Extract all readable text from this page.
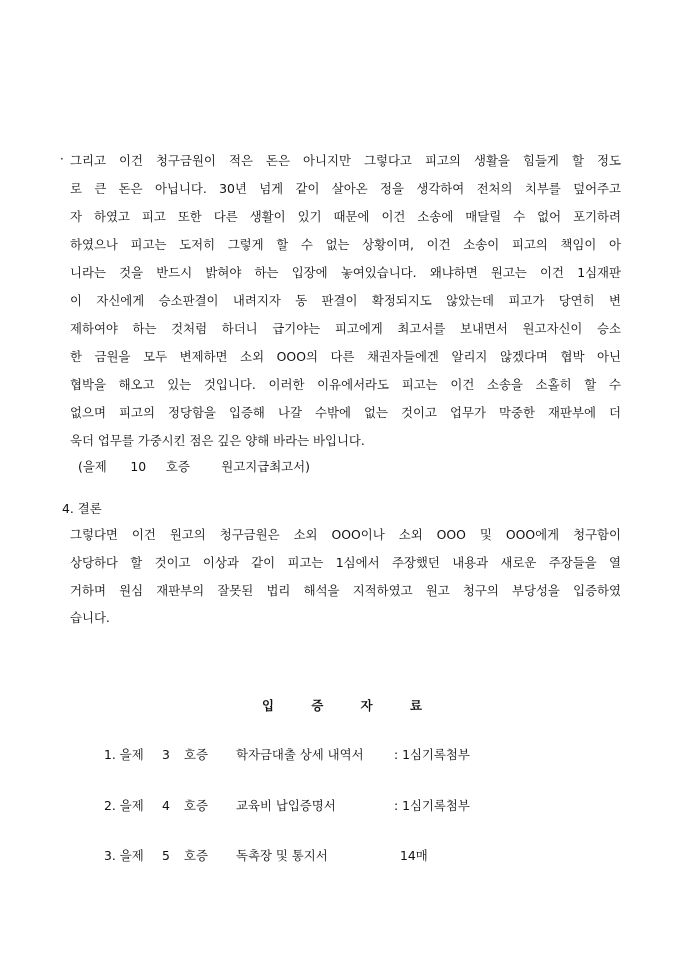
· 그리고 이건 청구금원이 적은 돈은 아니지만 그렇다고 피고의 생활을 힘들게 할 정도
로 큰 돈은 아닙니다. 30년 넘게 같이 살아온 정을 생각하여 전처의 치부를 덮어주고
자 하였고 피고 또한 다른 생활이 있기 때문에 이건 소송에 매달릴 수 없어 포기하려
하였으나 피고는 도저히 그렇게 할 수 없는 상황이며, 이건 소송이 피고의 책임이 아
니라는 것을 반드시 밝혀야 하는 입장에 놓여있습니다. 왜냐하면 원고는 이건 1심재판
이 자신에게 승소판결이 내려지자 동 판결이 확정되지도 않았는데 피고가 당연히 변
제하여야 하는 것처럼 하더니 급기야는 피고에게 최고서를 보내면서 원고자신이 승소
한 금원을 모두 변제하면 소외 OOO의 다른 채권자들에겐 알리지 않겠다며 협박 아닌
협박을 해오고 있는 것입니다. 이러한 이유에서라도 피고는 이건 소송을 소홀히 할 수
없으며 피고의 정당함을 입증해 나갈 수밖에 없는 것이고 업무가 막중한 재판부에 더
욱더 업무를 가중시킨 점은 깊은 양해 바라는 바입니다.
(을제      10     호증        원고지급최고서)
4. 결론
그렇다면 이건 원고의 청구금원은 소외 OOO이나 소외 OOO 및 OOO에게 청구함이
상당하다 할 것이고 이상과 같이 피고는 1심에서 주장했던 내용과 새로운 주장들을 열
거하며 원심 재판부의 잘못된 법리 해석을 지적하였고 원고 청구의 부당성을 입증하였
습니다.
입	증	자	료
1. 을제 3 호증 학자금대출 상세 내역서 : 1심기록첨부
2. 을제 4 호증 교육비 납입증명서	: 1심기록첨부
3. 을제 5 호증 독촉장 및 통지서	14매
